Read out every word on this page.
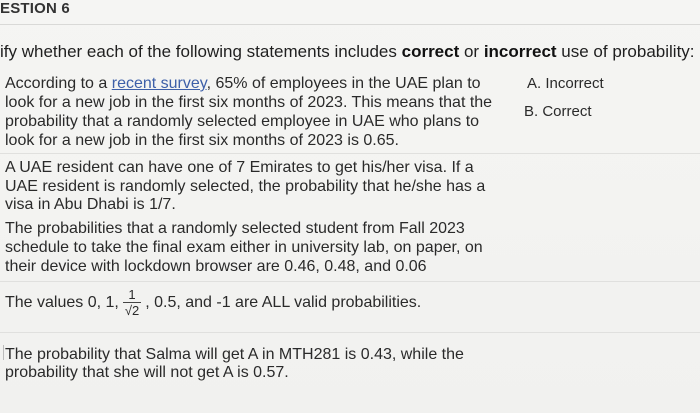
ESTION 6
ify whether each of the following statements includes correct or incorrect use of probability:
According to a recent survey, 65% of employees in the UAE plan to
look for a new job in the first six months of 2023. This means that the
probability that a randomly selected employee in UAE who plans to
look for a new job in the first six months of 2023 is 0.65.
A. Incorrect
B. Correct
A UAE resident can have one of 7 Emirates to get his/her visa. If a
UAE resident is randomly selected, the probability that he/she has a
visa in Abu Dhabi is 1/7.
The probabilities that a randomly selected student from Fall 2023
schedule to take the final exam either in university lab, on paper, on
their device with lockdown browser are 0.46, 0.48, and 0.06
The values 0, 1, $\frac{1}{√2}$ , 0.5, and -1 are ALL valid probabilities.
The probability that Salma will get A in MTH281 is 0.43, while the
probability that she will not get A is 0.57.
